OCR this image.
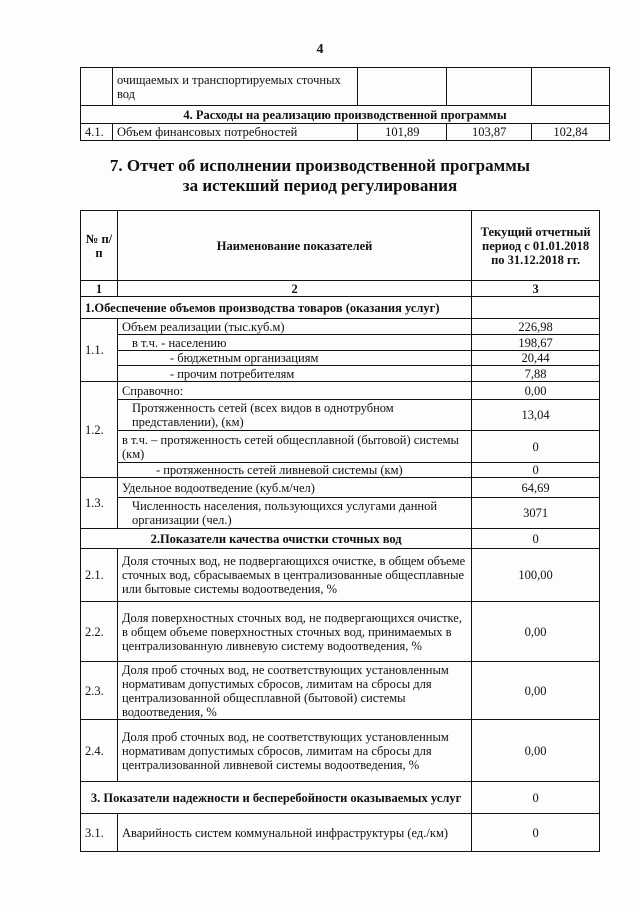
4
	очищаемых и транспортируемых сточных вод			
4. Расходы на реализацию производственной программы				
4.1.	Объем финансовых потребностей	101,89	103,87	102,84
7. Отчет об исполнении производственной программы
за истекший период регулирования
№ п/п	Наименование показателей	Текущий отчетный период с 01.01.2018 по 31.12.2018 гг.
1	2	3
1.Обеспечение объемов производства товаров (оказания услуг)		
1.1.	Объем реализации (тыс.куб.м)	226,98
	в т.ч. - населению	198,67
	- бюджетным организациям	20,44
	- прочим потребителям	7,88
1.2.	Справочно:	0,00
	Протяженность сетей (всех видов в однотрубном представлении), (км)	13,04
	в т.ч. – протяженность сетей общесплавной (бытовой) системы (км)	0
	- протяженность сетей ливневой системы (км)	0
1.3.	Удельное водоотведение (куб.м/чел)	64,69
	Численность населения, пользующихся услугами данной организации (чел.)	3071
2.Показатели качества очистки сточных вод		0
2.1.	Доля сточных вод, не подвергающихся очистке, в общем объеме сточных вод, сбрасываемых в централизованные общесплавные или бытовые системы водоотведения, %	100,00
2.2.	Доля поверхностных сточных вод, не подвергающихся очистке, в общем объеме поверхностных сточных вод, принимаемых в централизованную ливневую систему водоотведения, %	0,00
2.3.	Доля проб сточных вод, не соответствующих установленным нормативам допустимых сбросов, лимитам на сбросы для централизованной общесплавной (бытовой) системы водоотведения, %	0,00
2.4.	Доля проб сточных вод, не соответствующих установленным нормативам допустимых сбросов, лимитам на сбросы для централизованной ливневой системы водоотведения, %	0,00
3. Показатели надежности и бесперебойности оказываемых услуг		0
3.1.	Аварийность систем коммунальной инфраструктуры (ед./км)	0
